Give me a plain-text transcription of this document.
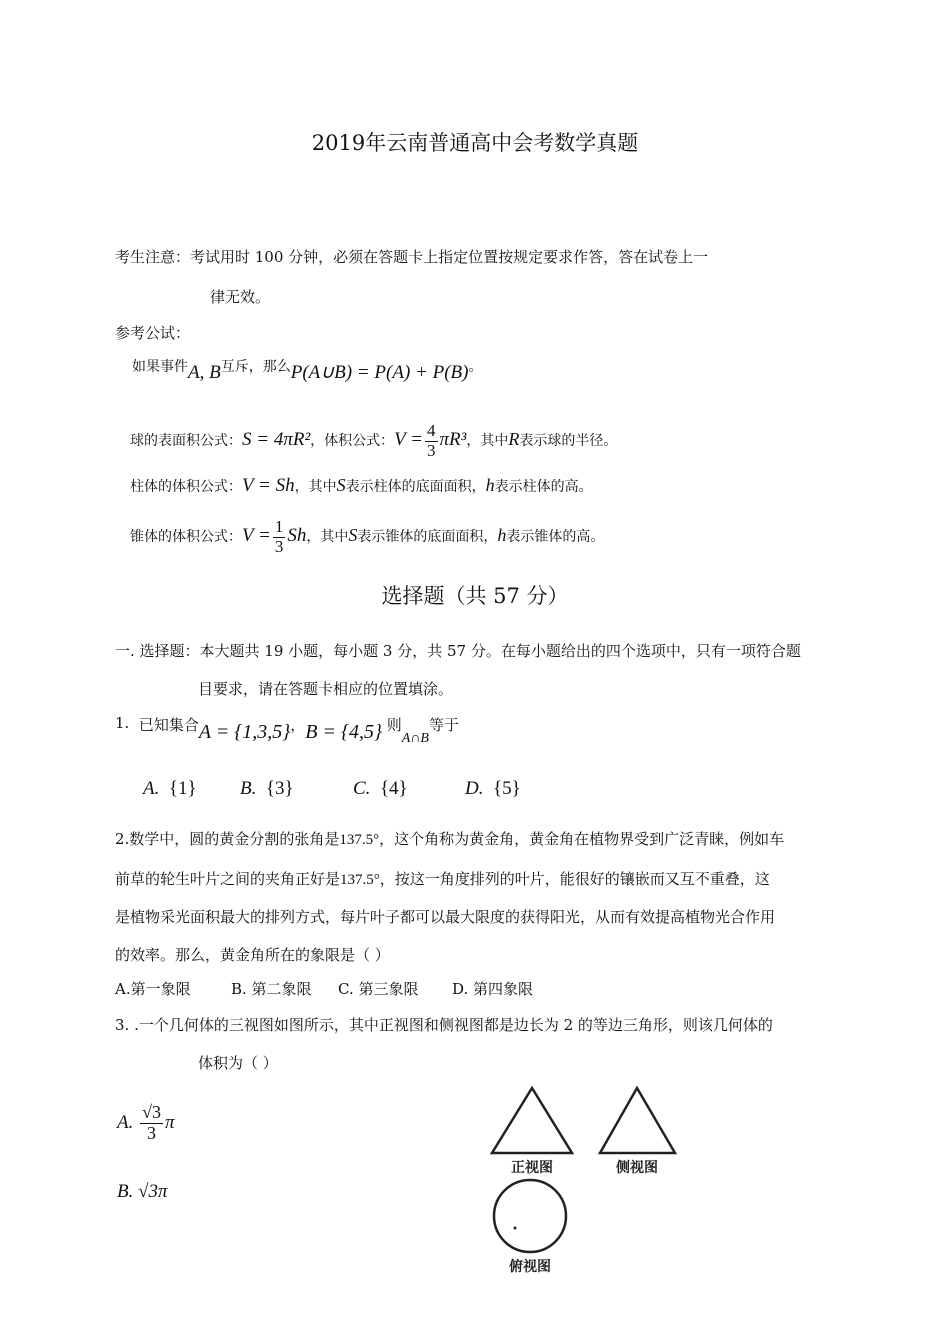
2019年云南普通高中会考数学真题
考生注意：考试用时 100 分钟，必须在答题卡上指定位置按规定要求作答，答在试卷上一
律无效。
参考公试：
如果事件A, B互斥，那么P(A∪B) = P(A) + P(B)。
球的表面积公式：S = 4πR²，体积公式：$V = \frac{4}{3} \pi R^3$，其中R表示球的半径。
柱体的体积公式：V = Sh，其中S表示柱体的底面面积，h表示柱体的高。
锥体的体积公式：$V = \frac{1}{3}$ Sh，其中S表示锥体的底面面积，h表示锥体的高。
选择题（共 57 分）
一. 选择题：本大题共 19 小题，每小题 3 分，共 57 分。在每小题给出的四个选项中，只有一项符合题
目要求，请在答题卡相应的位置填涂。
1. 已知集合A = {1,3,5}，B = {4,5} 则A∩B等于
A. {1} B. {3}	C. {4}	D. {5}
2.数学中，圆的黄金分割的张角是137.5°，这个角称为黄金角，黄金角在植物界受到广泛青睐，例如车
前草的轮生叶片之间的夹角正好是137.5°，按这一角度排列的叶片，能很好的镶嵌而又互不重叠，这
是植物采光面积最大的排列方式，每片叶子都可以最大限度的获得阳光，从而有效提高植物光合作用
的效率。那么，黄金角所在的象限是（ ）
A.第一象限	B. 第二象限 C. 第三象限 D. 第四象限
3. .一个几何体的三视图如图所示，其中正视图和侧视图都是边长为 2 的等边三角形，则该几何体的
体积为（ ）
A. $\frac{√3}{3}$ π
B. √3π
正视图	侧视图
俯视图
